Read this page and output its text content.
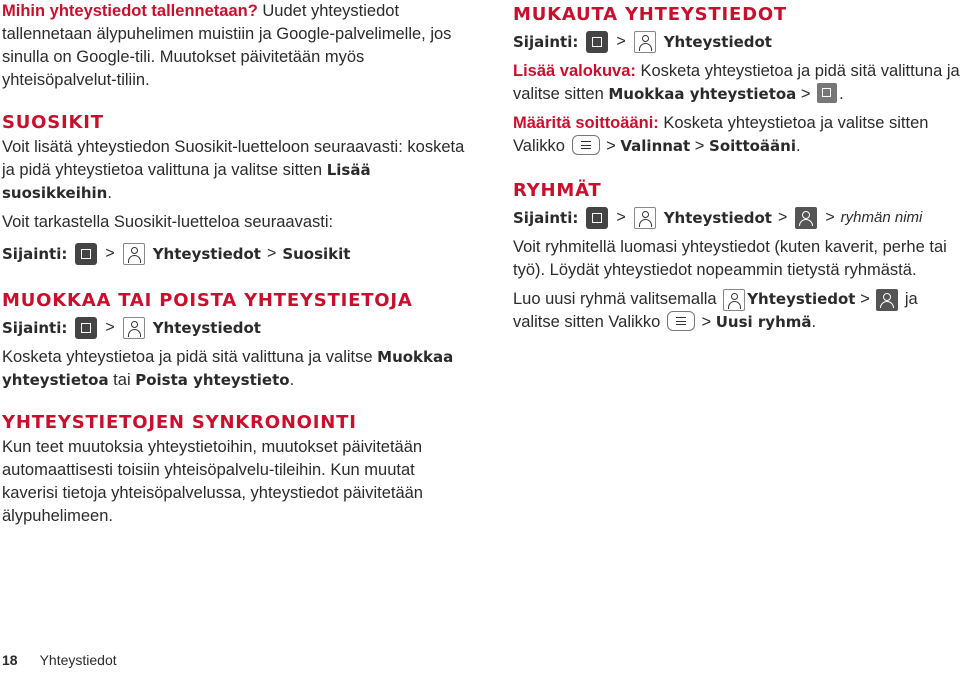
Mihin yhteystiedot tallennetaan? Uudet yhteystiedot tallennetaan älypuhelimen muistiin ja Google-palvelimelle, jos sinulla on Google-tili. Muutokset päivitetään myös yhteisöpalvelut-tiliin.

SUOSIKIT

Voit lisätä yhteystiedon Suosikit-luetteloon seuraavasti: kosketa ja pidä yhteystietoa valittuna ja valitse sitten Lisää suosikkeihin.

Voit tarkastella Suosikit-luetteloa seuraavasti:

Sijainti: >	Yhteystiedot > Suosikit
MUOKKAA TAI POISTA YHTEYSTIETOJA
Sijainti: >	Yhteystiedot

Kosketa yhteystietoa ja pidä sitä valittuna ja valitse Muokkaa yhteystietoa tai Poista yhteystieto.

MUKAUTA YHTEYSTIEDOT
Sijainti: >	Yhteystiedot

Lisää valokuva: Kosketa yhteystietoa ja pidä sitä valittuna ja valitse sitten Muokkaa yhteystietoa > .

Määritä soittoääni: Kosketa yhteystietoa ja valitse sitten Valikko  > Valinnat > Soittoääni.

RYHMÄT
Sijainti: >	Yhteystiedot > > ryhmän nimi

Voit ryhmitellä luomasi yhteystiedot (kuten kaverit, perhe tai työ). Löydät yhteystiedot nopeammin tietystä ryhmästä.

Luo uusi ryhmä valitsemalla Yhteystiedot >  ja valitse sitten Valikko  > Uusi ryhmä.

YHTEYSTIETOJEN SYNKRONOINTI

Kun teet muutoksia yhteystietoihin, muutokset päivitetään automaattisesti toisiin yhteisöpalvelu-tileihin. Kun muutat kaverisi tietoja yhteisöpalvelussa, yhteystiedot päivitetään älypuhelimeen.

18 Yhteystiedot
